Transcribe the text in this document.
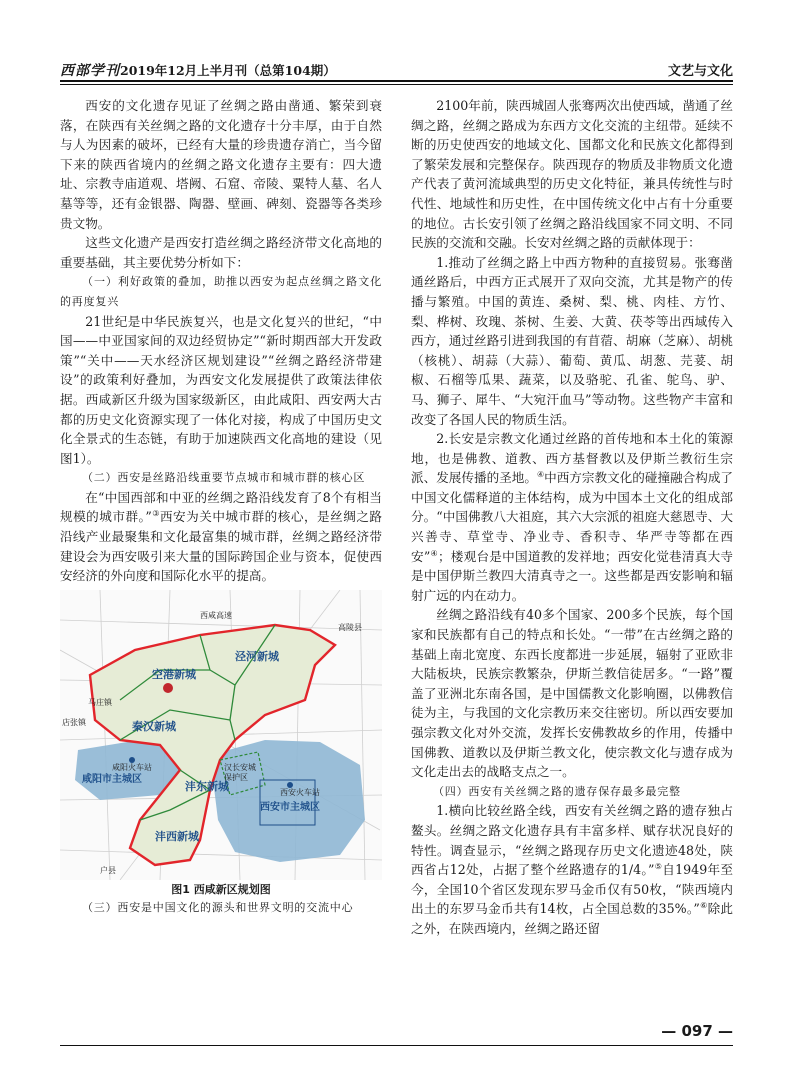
西部学刊2019年12月上半月刊（总第104期）	文艺与文化

西安的文化遗存见证了丝绸之路由凿通、繁荣到衰落，在陕西有关丝绸之路的文化遗存十分丰厚，由于自然与人为因素的破坏，已经有大量的珍贵遗存消亡，当今留下来的陕西省境内的丝绸之路文化遗存主要有：四大遗址、宗教寺庙道观、塔阙、石窟、帝陵、粟特人墓、名人墓等等，还有金银器、陶器、壁画、碑刻、瓷器等各类珍贵文物。

这些文化遗产是西安打造丝绸之路经济带文化高地的重要基础，其主要优势分析如下：

（一）利好政策的叠加，助推以西安为起点丝绸之路文化的再度复兴

21世纪是中华民族复兴，也是文化复兴的世纪，“中国——中亚国家间的双边经贸协定”“新时期西部大开发政策”“关中——天水经济区规划建设”“丝绸之路经济带建设”的政策利好叠加，为西安文化发展提供了政策法律依据。西咸新区升级为国家级新区，由此咸阳、西安两大古都的历史文化资源实现了一体化对接，构成了中国历史文化全景式的生态链，有助于加速陕西文化高地的建设（见图1）。

（二）西安是丝路沿线重要节点城市和城市群的核心区

在“中国西部和中亚的丝绸之路沿线发育了8个有相当规模的城市群。”③西安为关中城市群的核心，是丝绸之路沿线产业最聚集和文化最富集的城市群，丝绸之路经济带建设会为西安吸引来大量的国际跨国企业与资本，促使西安经济的外向度和国际化水平的提高。

空港新城
泾河新城
秦汉新城
沣东新城
沣西新城
咸阳市主城区
西安市主城区
汉长安城
保护区
高陵县
户县
马庄镇
店张镇
咸阳火车站
西安火车站
西咸高速
图1 西咸新区规划图

（三）西安是中国文化的源头和世界文明的交流中心

2100年前，陕西城固人张骞两次出使西域，凿通了丝绸之路，丝绸之路成为东西方文化交流的主纽带。延续不断的历史使西安的地域文化、国都文化和民族文化都得到了繁荣发展和完整保存。陕西现存的物质及非物质文化遗产代表了黄河流域典型的历史文化特征，兼具传统性与时代性、地域性和历史性，在中国传统文化中占有十分重要的地位。古长安引领了丝绸之路沿线国家不同文明、不同民族的交流和交融。长安对丝绸之路的贡献体现于：

1.推动了丝绸之路上中西方物种的直接贸易。张骞凿通丝路后，中西方正式展开了双向交流，尤其是物产的传播与繁殖。中国的黄连、桑树、梨、桃、肉桂、方竹、梨、桦树、玫瑰、茶树、生姜、大黄、茯苓等出西域传入西方，通过丝路引进到我国的有苜蓿、胡麻（芝麻）、胡桃（核桃）、胡蒜（大蒜）、葡萄、黄瓜、胡葱、芫荽、胡椒、石榴等瓜果、蔬菜，以及骆驼、孔雀、鸵鸟、驴、马、狮子、犀牛、“大宛汗血马”等动物。这些物产丰富和改变了各国人民的物质生活。

2.长安是宗教文化通过丝路的首传地和本土化的策源地，也是佛教、道教、西方基督教以及伊斯兰教衍生宗派、发展传播的圣地。④中西方宗教文化的碰撞融合构成了中国文化儒释道的主体结构，成为中国本土文化的组成部分。“中国佛教八大祖庭，其六大宗派的祖庭大慈恩寺、大兴善寺、草堂寺、净业寺、香积寺、华严寺等都在西安”④；楼观台是中国道教的发祥地；西安化觉巷清真大寺是中国伊斯兰教四大清真寺之一。这些都是西安影响和辐射广远的内在动力。

丝绸之路沿线有40多个国家、200多个民族，每个国家和民族都有自己的特点和长处。“一带”在古丝绸之路的基础上南北宽度、东西长度都进一步延展，辐射了亚欧非大陆板块，民族宗教繁杂，伊斯兰教信徒居多。“一路”覆盖了亚洲北东南各国，是中国儒教文化影响圈，以佛教信徒为主，与我国的文化宗教历来交往密切。所以西安要加强宗教文化对外交流，发挥长安佛教故乡的作用，传播中国佛教、道教以及伊斯兰教文化，使宗教文化与遗存成为文化走出去的战略支点之一。

（四）西安有关丝绸之路的遗存保存最多最完整

1.横向比较丝路全线，西安有关丝绸之路的遗存独占鳌头。丝绸之路文化遗存具有丰富多样、赋存状况良好的特性。调查显示，“丝绸之路现存历史文化遗迹48处，陕西省占12处，占据了整个丝路遗存的1/4。”⑤自1949年至今，全国10个省区发现东罗马金币仅有50枚，“陕西境内出土的东罗马金币共有14枚，占全国总数的35%。”⑥除此之外，在陕西境内，丝绸之路还留

— 097 —
